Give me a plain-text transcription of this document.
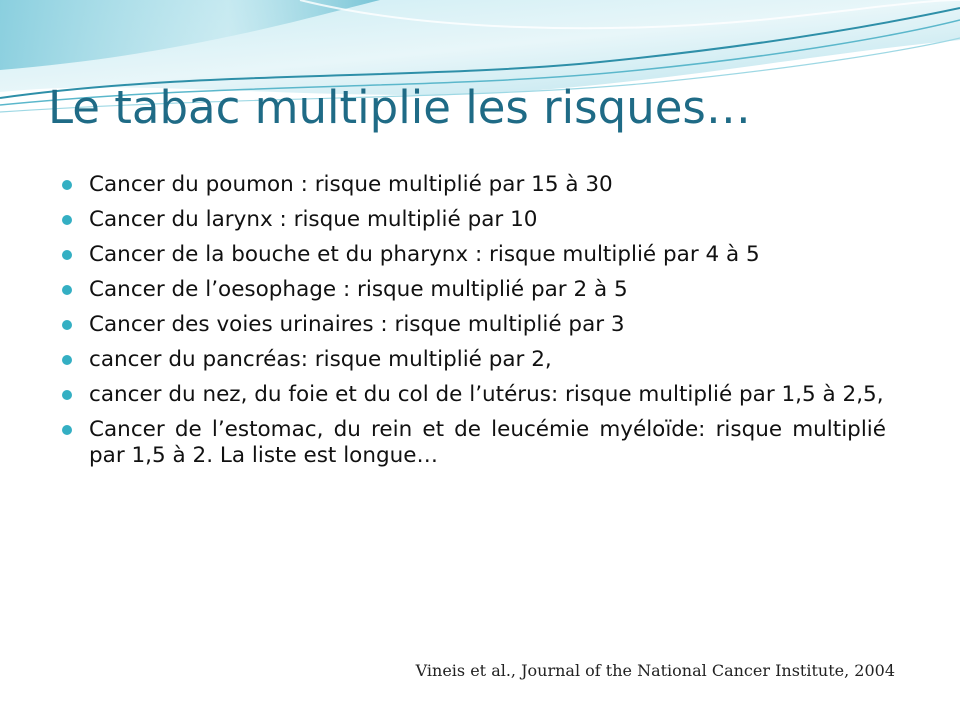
Le tabac multiplie les risques…
Cancer du poumon : risque multiplié par 15 à 30
Cancer du larynx : risque multiplié par 10
Cancer de la bouche et du pharynx : risque multiplié par 4 à 5
Cancer de l’oesophage : risque multiplié par 2 à 5
Cancer des voies urinaires : risque multiplié par 3
cancer du pancréas: risque multiplié par 2,
cancer du nez, du foie et du col de l’utérus: risque multiplié par 1,5 à 2,5,
Cancer de l’estomac, du rein et de leucémie myéloïde: risque multiplié par 1,5 à 2. La liste est longue…
Vineis et al., Journal of the National Cancer Institute, 2004
